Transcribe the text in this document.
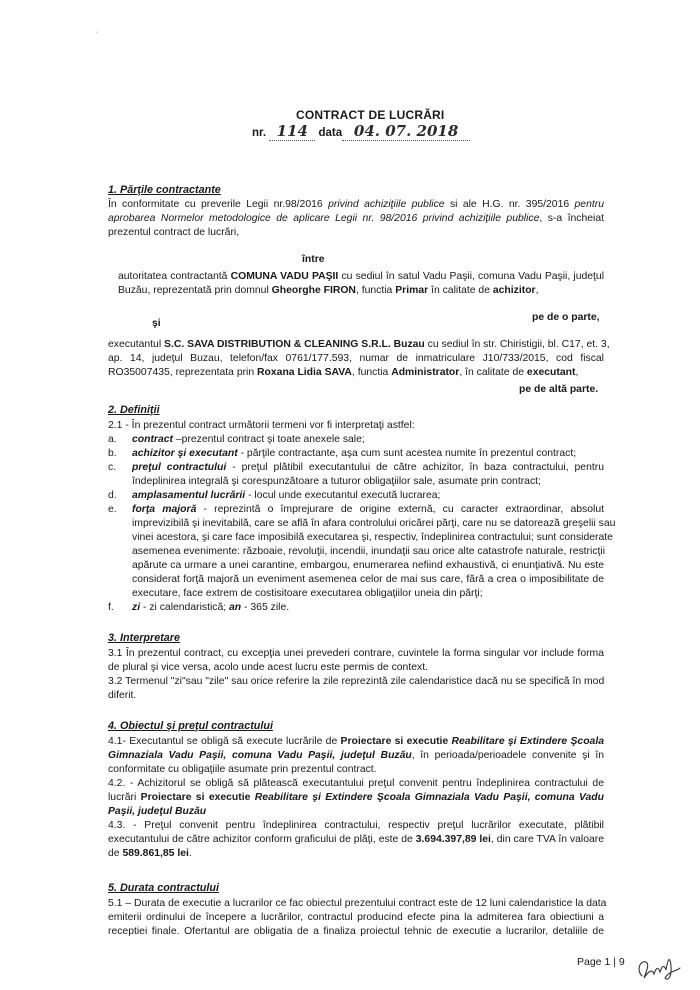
'
CONTRACT DE LUCRĂRI
nr. 114 data 04. 07. 2018
1. Părţile contractante
În conformitate cu preverile Legii nr.98/2016 privind achiziţiile publice si ale H.G. nr. 395/2016 pentru
aprobarea Normelor metodologice de aplicare Legii nr. 98/2016 privind achiziţiile publice, s-a încheiat
prezentul contract de lucrări,
între
autoritatea contractantă COMUNA VADU PAŞII cu sediul în satul Vadu Paşii, comuna Vadu Paşii, judeţul
Buzău, reprezentată prin domnul Gheorghe FIRON, functia Primar în calitate de achizitor,
pe de o parte,
şi
executantul S.C. SAVA DISTRIBUTION & CLEANING S.R.L. Buzau cu sediul în str. Chiristigii, bl. C17, et. 3,
ap. 14, judeţul Buzau, telefon/fax 0761/177.593, numar de inmatriculare J10/733/2015, cod fiscal
RO35007435, reprezentata prin Roxana Lidia SAVA, functia Administrator, în calitate de executant,
pe de altă parte.
2. Definiţii
2.1 - În prezentul contract următorii termeni vor fi interpretaţi astfel:
a. contract –prezentul contract şi toate anexele sale;
b. achizitor şi executant - părţile contractante, aşa cum sunt acestea numite în prezentul contract;
c. preţul contractului - preţul plătibil executantului de către achizitor, în baza contractului, pentru
îndeplinirea integrală şi corespunzătoare a tuturor obligaţiilor sale, asumate prin contract;
d. amplasamentul lucrării - locul unde executantul execută lucrarea;
e. forţa majoră - reprezintă o împrejurare de origine externă, cu caracter extraordinar, absolut
imprevizibilă şi inevitabilă, care se află în afara controlului oricărei părţi, care nu se datorează greşelii sau
vinei acestora, şi care face imposibilă executarea şi, respectiv, îndeplinirea contractului; sunt considerate
asemenea evenimente: războaie, revoluţii, incendii, inundaţii sau orice alte catastrofe naturale, restricţii
apărute ca urmare a unei carantine, embargou, enumerarea nefiind exhaustivă, ci enunţiativă. Nu este
considerat forţă majoră un eveniment asemenea celor de mai sus care, fără a crea o imposibilitate de
executare, face extrem de costisitoare executarea obligaţiilor uneia din părţi;
f. zi - zi calendaristică; an - 365 zile.
3. Interpretare
3.1 În prezentul contract, cu excepţia unei prevederi contrare, cuvintele la forma singular vor include forma
de plural şi vice versa, acolo unde acest lucru este permis de context.
3.2 Termenul "zi"sau "zile" sau orice referire la zile reprezintă zile calendaristice dacă nu se specifică în mod
diferit.
4. Obiectul şi preţul contractului
4.1- Executantul se obligă să execute lucrările de Proiectare si executie Reabilitare şi Extindere Şcoala
Gimnaziala Vadu Paşii, comuna Vadu Paşii, judeţul Buzău, în perioada/perioadele convenite şi în
conformitate cu obligaţiile asumate prin prezentul contract.
4.2. - Achizitorul se obligă să plătească executantului preţul convenit pentru îndeplinirea contractului de
lucrări Proiectare si executie Reabilitare şi Extindere Şcoala Gimnaziala Vadu Paşii, comuna Vadu
Paşii, judeţul Buzău
4.3. - Preţul convenit pentru îndeplinirea contractului, respectiv preţul lucrărilor executate, plătibil
executantului de către achizitor conform graficului de plăţi, este de 3.694.397,89 lei, din care TVA în valoare
de 589.861,85 lei.
5. Durata contractului
5.1 – Durata de executie a lucrarilor ce fac obiectul prezentului contract este de 12 luni calendaristice la data
emiterii ordinului de începere a lucrărilor, contractul producind efecte pina la admiterea fara obiectiuni a
receptiei finale. Ofertantul are obligatia de a finaliza proiectul tehnic de executie a lucrarilor, detaliile de
Page 1 | 9
